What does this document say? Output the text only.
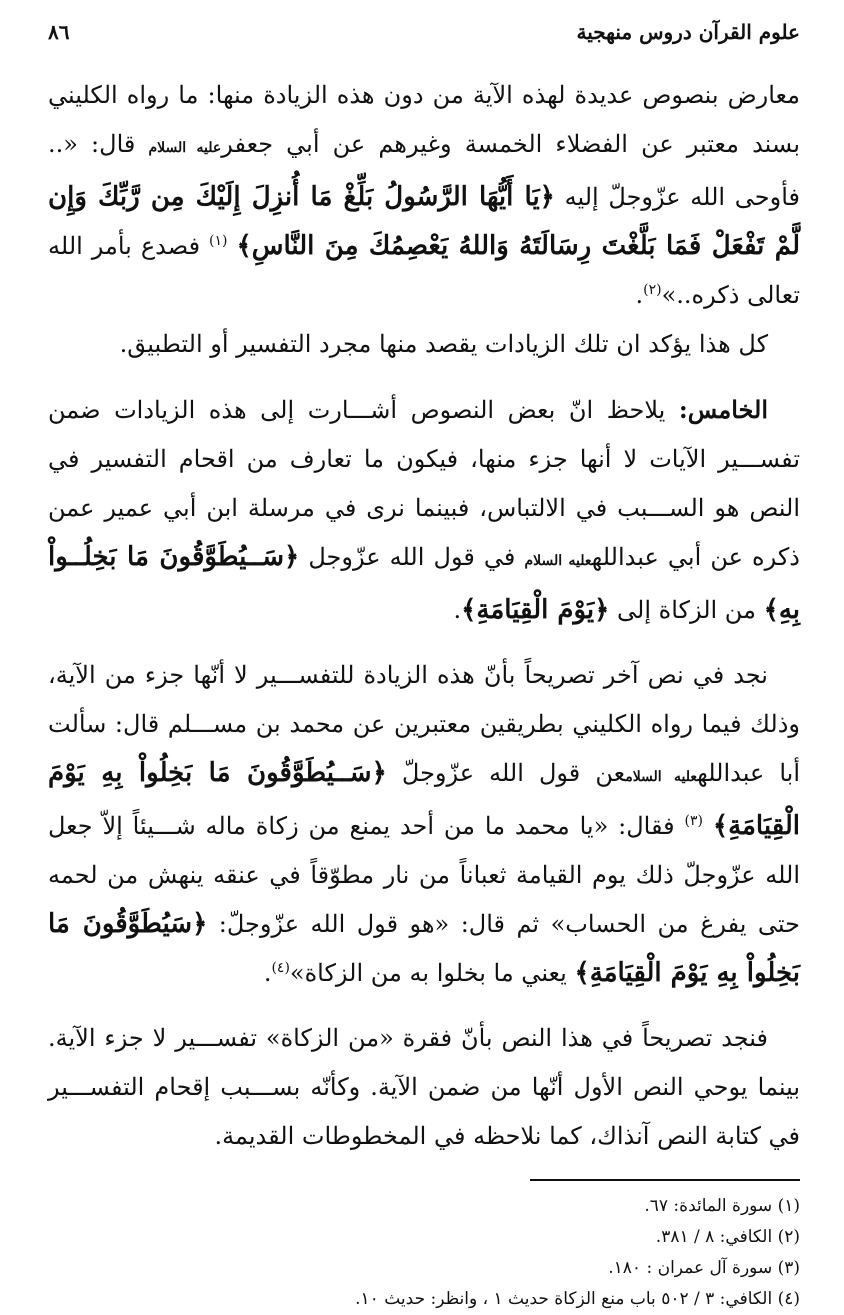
علوم القرآن دروس منهجية
٨٦

معارض بنصوص عديدة لهذه الآية من دون هذه الزيادة منها: ما رواه الكليني بسند معتبر عن الفضلاء الخمسة وغيرهم عن أبي جعفرعليه السلام قال: «.. فأوحى الله عزّوجلّ إليه ﴿يَا أَيُّهَا الرَّسُولُ بَلِّغْ مَا أُنزِلَ إِلَيْكَ مِن رَّبِّكَ وَإِن لَّمْ تَفْعَلْ فَمَا بَلَّغْتَ رِسَالَتَهُ وَاللهُ يَعْصِمُكَ مِنَ النَّاسِ﴾ $^{(١)}$ فصدع بأمر الله تعالى ذكره..»$^{(٢)}$.

كل هذا يؤكد ان تلك الزيادات يقصد منها مجرد التفسير أو التطبيق.

الخامس: يلاحظ انّ بعض النصوص أشـــارت إلى هذه الزيادات ضمن تفســـير الآيات لا أنها جزء منها، فيكون ما تعارف من اقحام التفسير في النص هو الســـبب في الالتباس، فبينما نرى في مرسلة ابن أبي عمير عمن ذكره عن أبي عبداللهعليه السلام في قول الله عزّوجل ﴿سَــيُطَوَّقُونَ مَا بَخِلُــواْ بِهِ﴾ من الزكاة إلى ﴿يَوْمَ الْقِيَامَةِ﴾.

نجد في نص آخر تصريحاً بأنّ هذه الزيادة للتفســـير لا أنّها جزء من الآية، وذلك فيما رواه الكليني بطريقين معتبرين عن محمد بن مســـلم قال: سألت أبا عبداللهعليه السلامعن قول الله عزّوجلّ ﴿سَــيُطَوَّقُونَ مَا بَخِلُواْ بِهِ يَوْمَ الْقِيَامَةِ﴾ $^{(٣)}$ فقال: «يا محمد ما من أحد يمنع من زكاة ماله شـــيئاً إلاّ جعل الله عزّوجلّ ذلك يوم القيامة ثعباناً من نار مطوّقاً في عنقه ينهش من لحمه حتى يفرغ من الحساب» ثم قال: «هو قول الله عزّوجلّ: ﴿سَيُطَوَّقُونَ مَا بَخِلُواْ بِهِ يَوْمَ الْقِيَامَةِ﴾ يعني ما بخلوا به من الزكاة»$^{(٤)}$.

فنجد تصريحاً في هذا النص بأنّ فقرة «من الزكاة» تفســـير لا جزء الآية. بينما يوحي النص الأول أنّها من ضمن الآية. وكأنّه بســـبب إقحام التفســـير في كتابة النص آنذاك، كما نلاحظه في المخطوطات القديمة.

(١) سورة المائدة: ٦٧.

(٢) الكافي: ٨ / ٣٨١.

(٣) سورة آل عمران : ١٨٠.

(٤) الكافي: ٣ / ٥٠٢ باب منع الزكاة حديث ١ ، وانظر: حديث ١٠.
